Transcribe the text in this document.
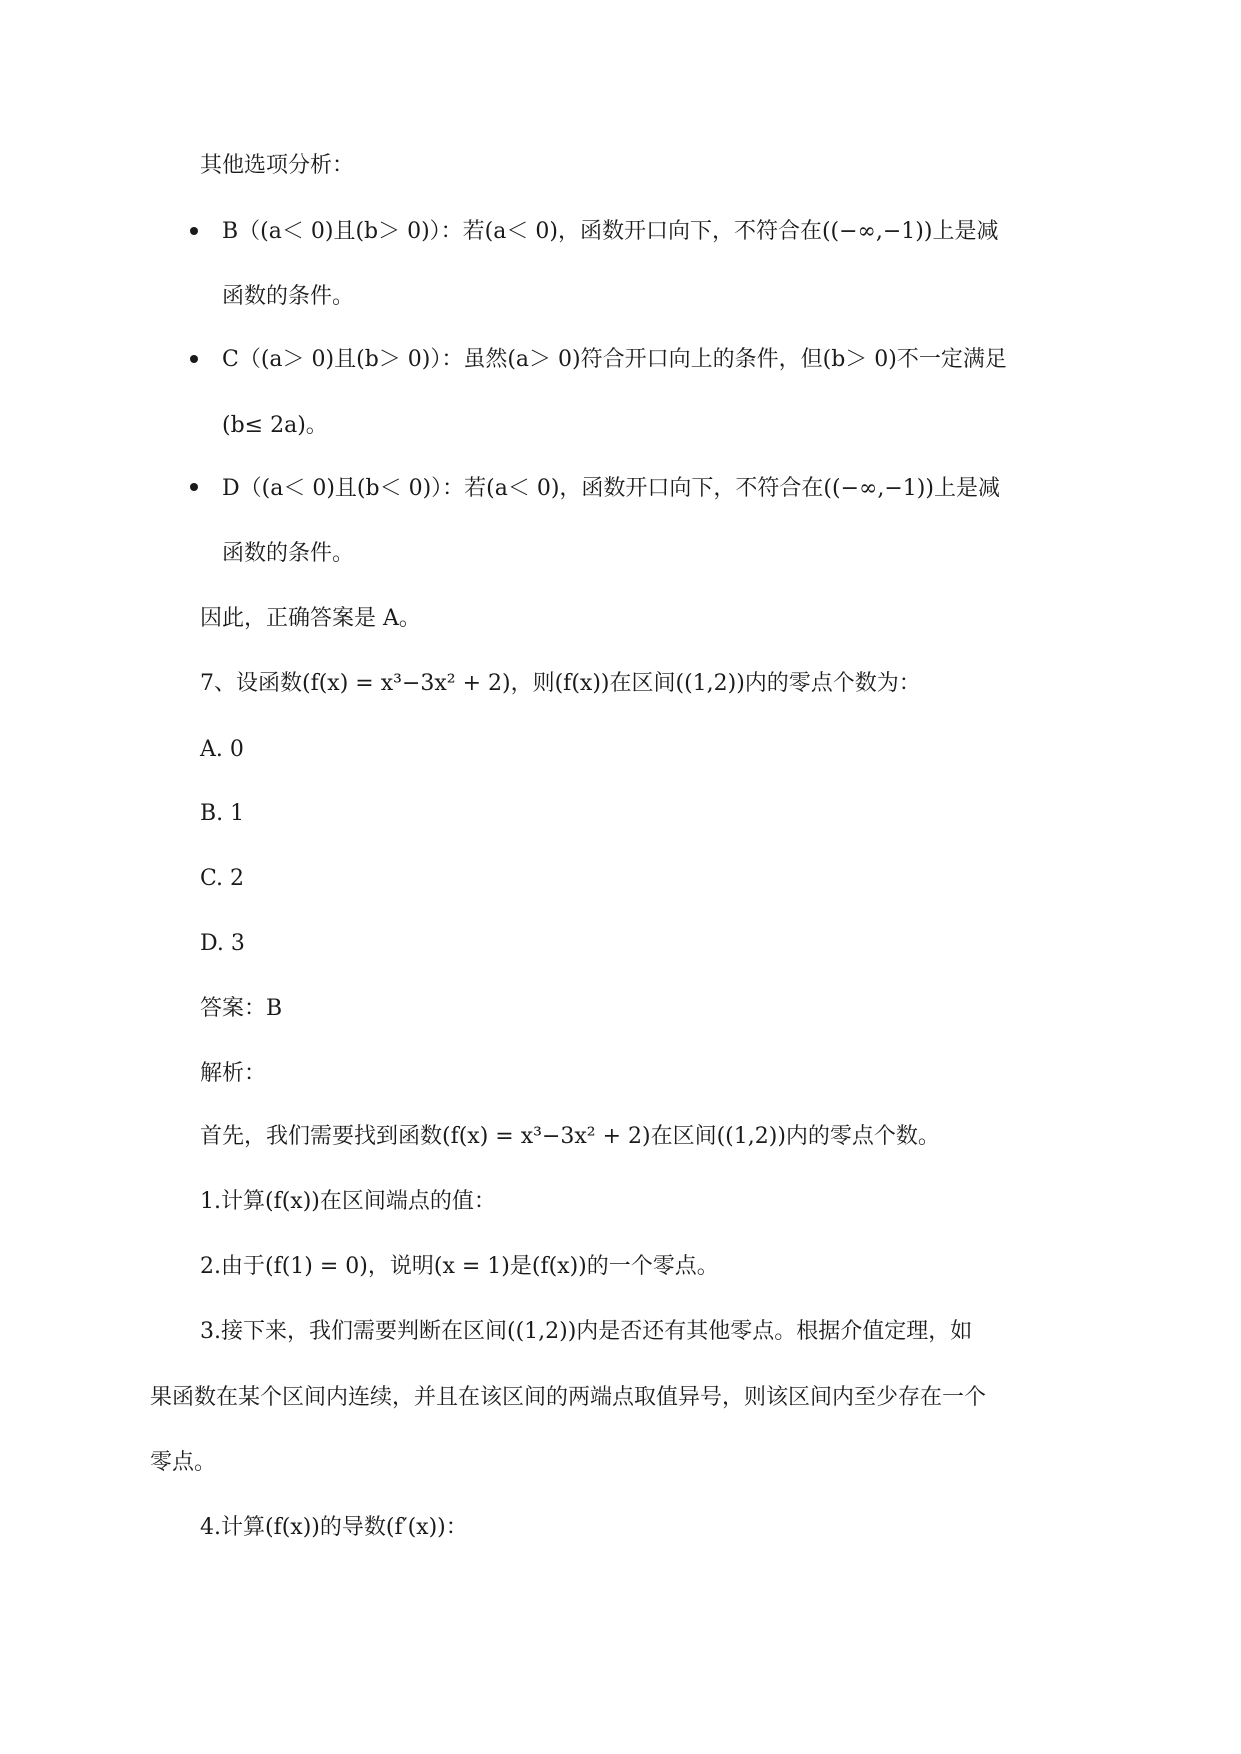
其他选项分析：
B（(a＜ 0)且(b＞ 0)）：若(a＜ 0)，函数开口向下，不符合在((−∞,−1))上是减
函数的条件。
C（(a＞ 0)且(b＞ 0)）：虽然(a＞ 0)符合开口向上的条件，但(b＞ 0)不一定满足
(b≤ 2a)。
D（(a＜ 0)且(b＜ 0)）：若(a＜ 0)，函数开口向下，不符合在((−∞,−1))上是减
函数的条件。
因此，正确答案是 A。
7、设函数(f(x) = x³−3x² + 2)，则(f(x))在区间((1,2))内的零点个数为：
A. 0
B. 1
C. 2
D. 3
答案：B
解析：
首先，我们需要找到函数(f(x) = x³−3x² + 2)在区间((1,2))内的零点个数。
1.计算(f(x))在区间端点的值：
2.由于(f(1) = 0)，说明(x = 1)是(f(x))的一个零点。
3.接下来，我们需要判断在区间((1,2))内是否还有其他零点。根据介值定理，如
果函数在某个区间内连续，并且在该区间的两端点取值异号，则该区间内至少存在一个
零点。
4.计算(f(x))的导数(f′(x))：
